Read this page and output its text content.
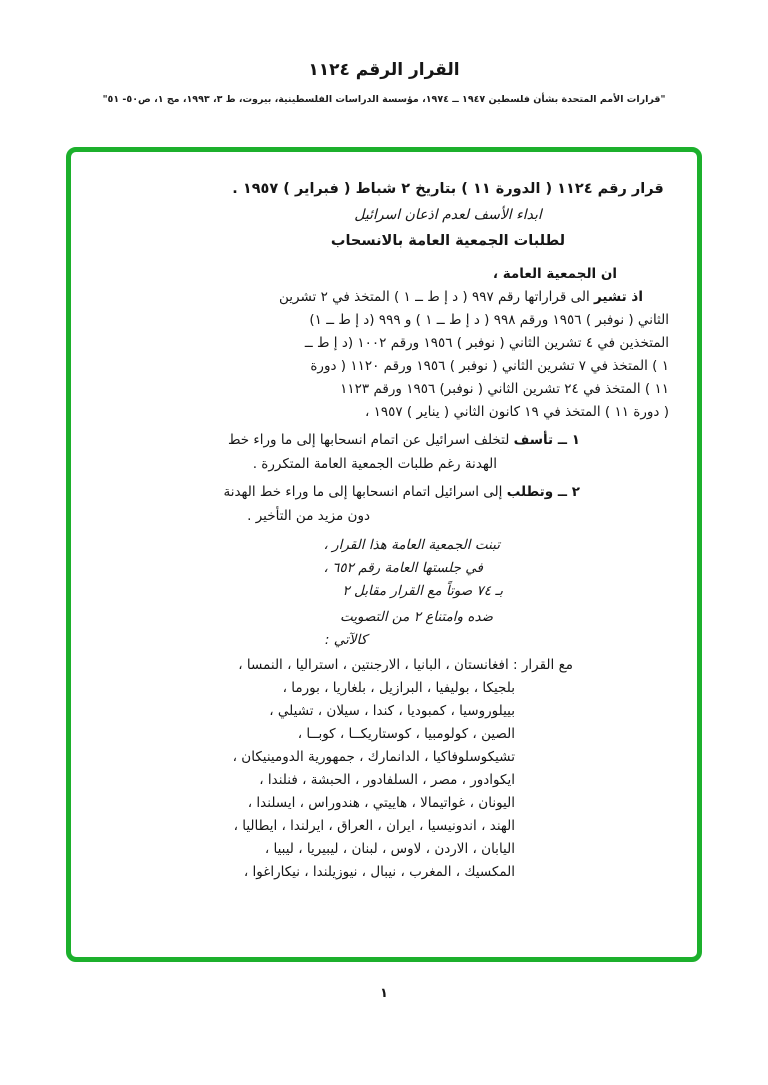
القرار الرقم ١١٢٤
"قرارات الأمم المتحدة بشأن فلسطين ١٩٤٧ ــ ١٩٧٤، مؤسسة الدراسات الفلسطينية، بيروت، ط ٣، ١٩٩٣، مج ١، ص٥٠- ٥١"
قرار رقم ١١٢٤ ( الدورة ١١ ) بتاريخ ٢ شباط ( فبراير ) ١٩٥٧ .
ابداء الأسف لعدم اذعان اسرائيل
لطلبات الجمعية العامة بالانسحاب
ان الجمعية العامة ،
اذ تشير الى قراراتها رقم ٩٩٧ ( د إ ط ــ ١ ) المتخذ في ٢ تشرين
الثاني ( نوفبر ) ١٩٥٦ ورقم ٩٩٨ ( د إ ط ــ ١ ) و ٩٩٩ (د إ ط ــ ١)
المتخذين في ٤ تشرين الثاني ( نوفبر ) ١٩٥٦ ورقم ١٠٠٢ (د إ ط ــ
١ ) المتخذ في ٧ تشرين الثاني ( نوفبر ) ١٩٥٦ ورقم ١١٢٠ ( دورة
١١ ) المتخذ في ٢٤ تشرين الثاني ( نوفبر) ١٩٥٦ ورقم ١١٢٣
( دورة ١١ ) المتخذ في ١٩ كانون الثاني ( يناير ) ١٩٥٧ ،
١ ــ تأسف لتخلف اسرائيل عن اتمام انسحابها إلى ما وراء خط
الهدنة رغم طلبات الجمعية العامة المتكررة .
٢ ــ وتطلب إلى اسرائيل اتمام انسحابها إلى ما وراء خط الهدنة
دون مزيد من التأخير .
تبنت الجمعية العامة هذا القرار ،
في جلستها العامة رقم ٦٥٢ ،
بـ ٧٤ صوتاً مع القرار مقابل ٢
ضده وامتناع ٢ من التصويت
كالآتي :
مع القرار : افغانستان ، البانيا ، الارجنتين ، استراليا ، النمسا ،
بلجيكا ، بوليفيا ، البرازيل ، بلغاريا ، بورما ،
بييلوروسيا ، كمبوديا ، كندا ، سيلان ، تشيلي ،
الصين ، كولومبيا ، كوستاريكــا ، كوبــا ،
تشيكوسلوفاكيا ، الدانمارك ، جمهورية الدومينيكان ،
ايكوادور ، مصر ، السلفادور ، الحبشة ، فنلندا ،
اليونان ، غواتيمالا ، هاييتي ، هندوراس ، ايسلندا ،
الهند ، اندونيسيا ، ايران ، العراق ، ايرلندا ، ايطاليا ،
اليابان ، الاردن ، لاوس ، لبنان ، ليبيريا ، ليبيا ،
المكسيك ، المغرب ، نيبال ، نيوزيلندا ، نيكاراغوا ،
١
